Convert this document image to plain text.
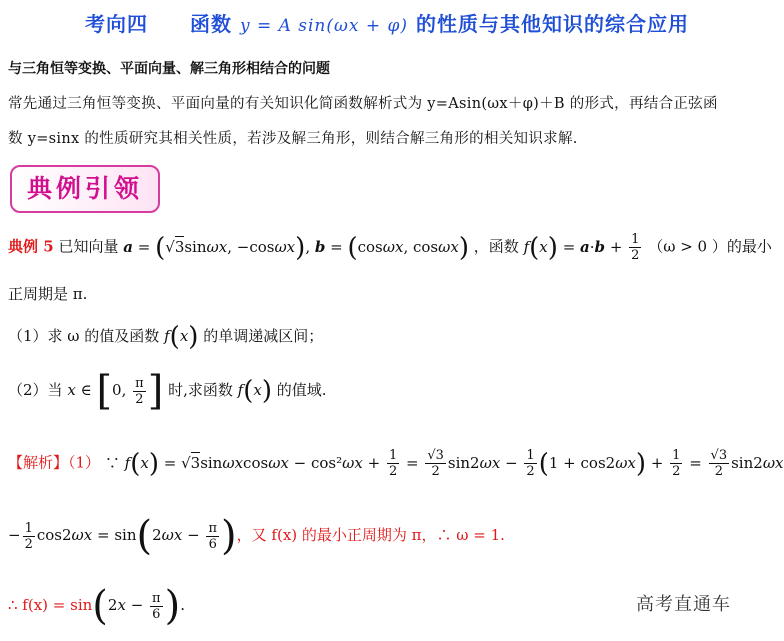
考向四　　函数 y = A sin(ωx + φ) 的性质与其他知识的综合应用
与三角恒等变换、平面向量、解三角形相结合的问题
常先通过三角恒等变换、平面向量的有关知识化简函数解析式为 y=Asin(ωx＋φ)＋B 的形式，再结合正弦函
数 y=sinx 的性质研究其相关性质，若涉及解三角形，则结合解三角形的相关知识求解.
典例引领
典例 5 已知向量 a = (√3sinωx, −cosωx), b = (cosωx, cosωx) ，函数 $f(x) = a\cdot b + \frac{1}{2} (\omega > 0$ ）的最小
正周期是 π.
（1）求 ω 的值及函数 f(x) 的单调递减区间；
（2）当 x ∈ [0, $\frac{\pi}{2}$ ] 时,求函数 f(x) 的值域.
【解析】（1） ∵ $f(x) = √3\sin\omega xcos\omega x - \cos^2\omega x + \frac{1}{2} = \frac{√3}{2} \sin 2\omega x - \frac{1}{2} (1 + \cos 2\omega x) + \frac{1}{2} = \frac{√3}{2} \sin 2\omega x$
− $\frac{1}{2} \cos 2\omega x = \sin(2\omega x - \frac{\pi}{6}$ )，又 f(x) 的最小正周期为 π，∴ ω = 1.
∴ $f(x) = \sin(2x - \frac{\pi}{6}$ ).	高考直通车
